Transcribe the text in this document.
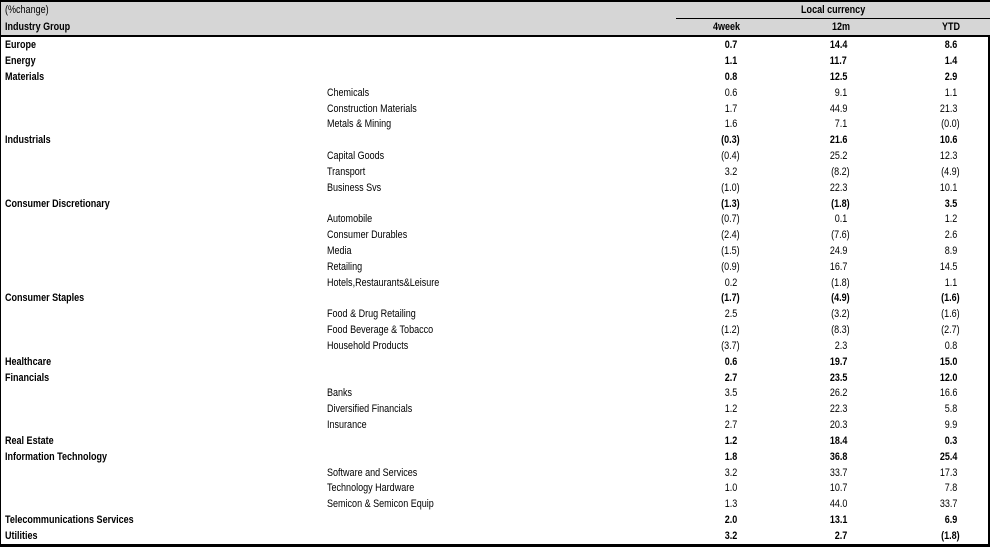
(%change)	Local currency			
Industry Group	4week	12m	YTD	
Europe	0.7	14.4	8.6	
Energy	1.1	11.7	1.4	
Materials	0.8	12.5	2.9	
Chemicals	0.6	9.1	1.1	
Construction Materials	1.7	44.9	21.3	
Metals & Mining	1.6	7.1	(0.0)	
Industrials	(0.3)	21.6	10.6	
Capital Goods	(0.4)	25.2	12.3	
Transport	3.2	(8.2)	(4.9)	
Business Svs	(1.0)	22.3	10.1	
Consumer Discretionary	(1.3)	(1.8)	3.5	
Automobile	(0.7)	0.1	1.2	
Consumer Durables	(2.4)	(7.6)	2.6	
Media	(1.5)	24.9	8.9	
Retailing	(0.9)	16.7	14.5	
Hotels,Restaurants&Leisure	0.2	(1.8)	1.1	
Consumer Staples	(1.7)	(4.9)	(1.6)	
Food & Drug Retailing	2.5	(3.2)	(1.6)	
Food Beverage & Tobacco	(1.2)	(8.3)	(2.7)	
Household Products	(3.7)	2.3	0.8	
Healthcare	0.6	19.7	15.0	
Financials	2.7	23.5	12.0	
Banks	3.5	26.2	16.6	
Diversified Financials	1.2	22.3	5.8	
Insurance	2.7	20.3	9.9	
Real Estate	1.2	18.4	0.3	
Information Technology	1.8	36.8	25.4	
Software and Services	3.2	33.7	17.3	
Technology Hardware	1.0	10.7	7.8	
Semicon & Semicon Equip	1.3	44.0	33.7	
Telecommunications Services	2.0	13.1	6.9	
Utilities	3.2	2.7	(1.8)	
